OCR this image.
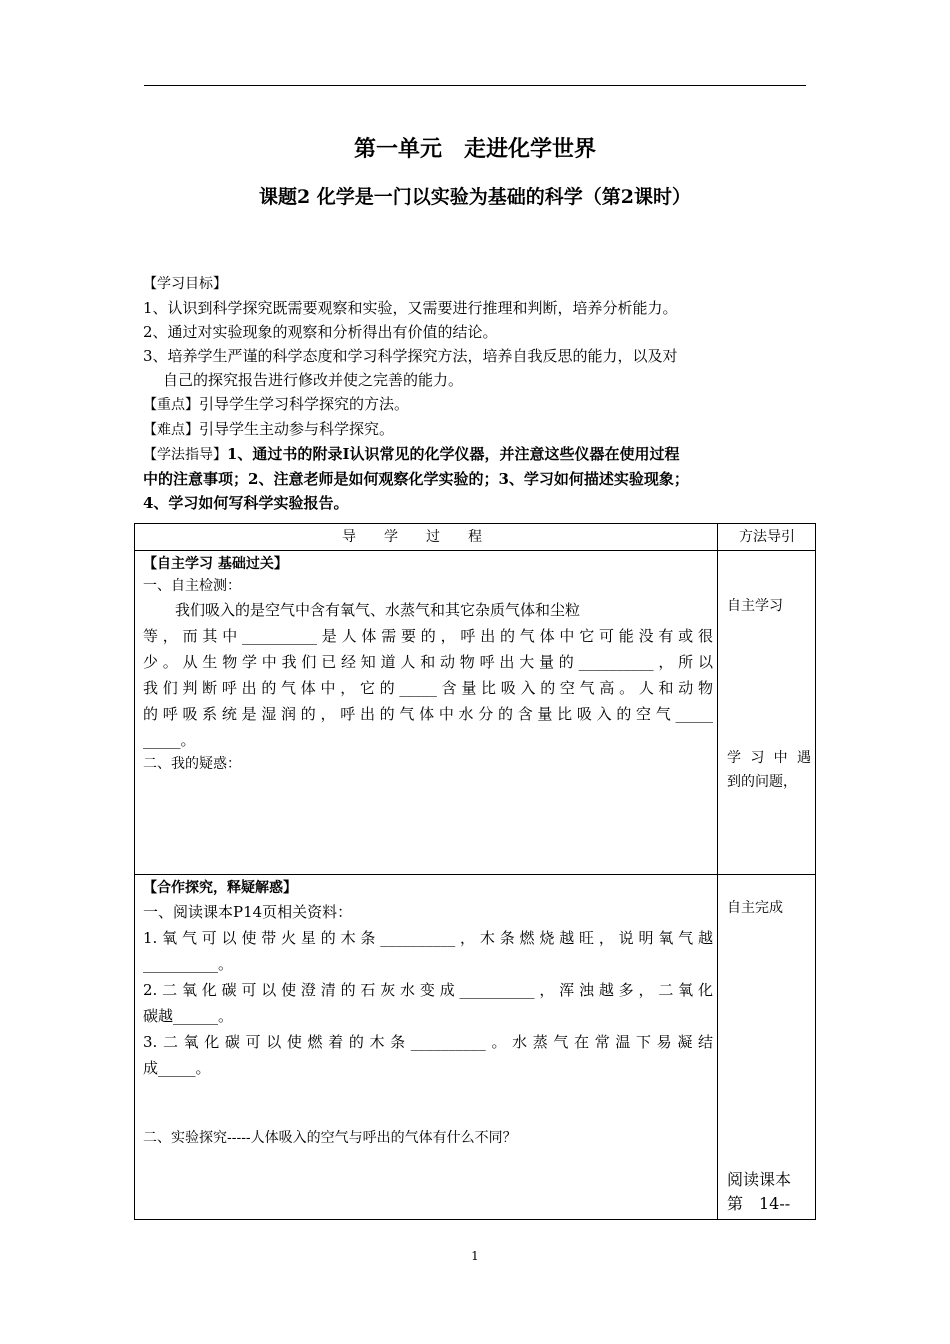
第一单元　走进化学世界
课题2 化学是一门以实验为基础的科学（第2课时）
【学习目标】
1、认识到科学探究既需要观察和实验，又需要进行推理和判断，培养分析能力。
2、通过对实验现象的观察和分析得出有价值的结论。
3、培养学生严谨的科学态度和学习科学探究方法，培养自我反思的能力，以及对
自己的探究报告进行修改并使之完善的能力。
【重点】引导学生学习科学探究的方法。
【难点】引导学生主动参与科学探究。
【学法指导】1、通过书的附录Ⅰ认识常见的化学仪器，并注意这些仪器在使用过程
中的注意事项；2、注意老师是如何观察化学实验的；3、学习如何描述实验现象；
4、学习如何写科学实验报告。
导学过程	方法导引
【自主学习 基础过关】
一、自主检测：
我们吸入的是空气中含有氧气、水蒸气和其它杂质气体和尘粒
等，而其中__________是人体需要的，呼出的气体中它可能没有或很
少。从生物学中我们已经知道人和动物呼出大量的__________，所以
我们判断呼出的气体中，它的_____含量比吸入的空气高。人和动物
的呼吸系统是湿润的，呼出的气体中水分的含量比吸入的空气_____
_____。
二、我的疑惑：
自主学习
学习中遇
到的问题，
【合作探究，释疑解惑】
一、阅读课本P14页相关资料：
1.氧气可以使带火星的木条__________，木条燃烧越旺，说明氧气越
__________。
2.二氧化碳可以使澄清的石灰水变成__________，浑浊越多，二氧化
碳越______。
3.二氧化碳可以使燃着的木条__________。水蒸气在常温下易凝结
成_____。
二、实验探究-----人体吸入的空气与呼出的气体有什么不同？
自主完成
阅读课本
第　14--
1
